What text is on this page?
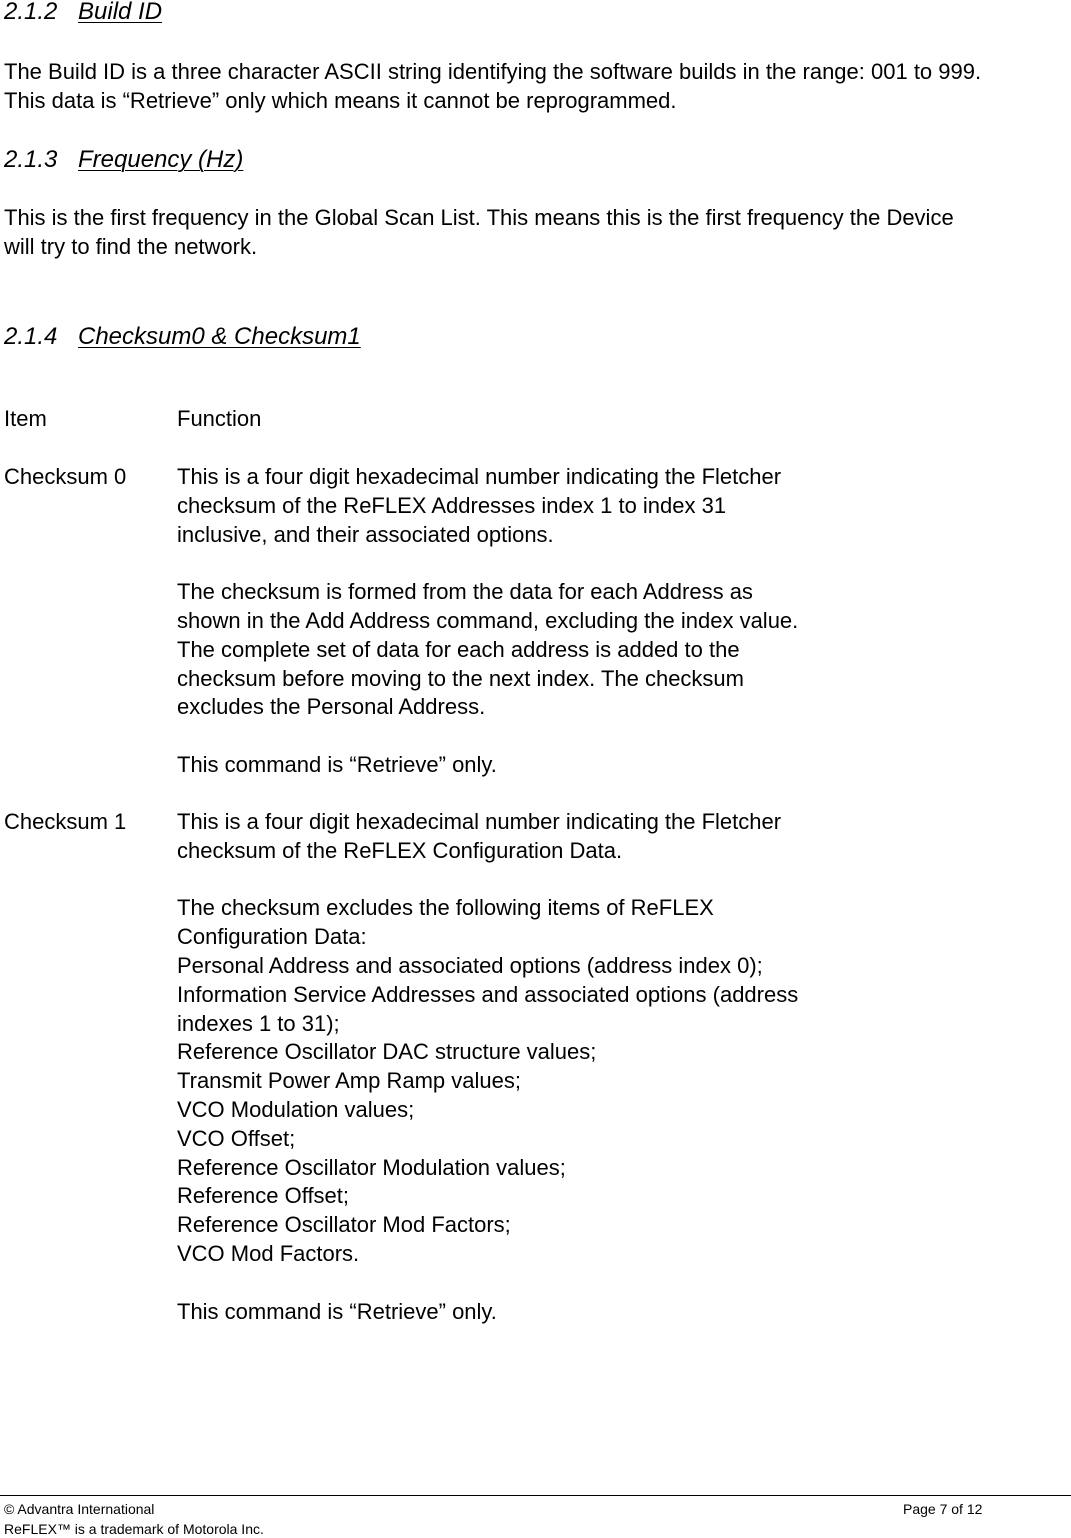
2.1.2 Build ID
The Build ID is a three character ASCII string identifying the software builds in the range: 001 to 999.
This data is “Retrieve” only which means it cannot be reprogrammed.
2.1.3 Frequency (Hz)
This is the first frequency in the Global Scan List. This means this is the first frequency the Device
will try to find the network.
2.1.4 Checksum0 & Checksum1
Item	Function
Checksum 0 This is a four digit hexadecimal number indicating the Fletcher
checksum of the ReFLEX Addresses index 1 to index 31
inclusive, and their associated options.

The checksum is formed from the data for each Address as
shown in the Add Address command, excluding the index value.
The complete set of data for each address is added to the
checksum before moving to the next index. The checksum
excludes the Personal Address.

This command is “Retrieve” only.
Checksum 1 This is a four digit hexadecimal number indicating the Fletcher
checksum of the ReFLEX Configuration Data.

The checksum excludes the following items of ReFLEX
Configuration Data:
Personal Address and associated options (address index 0);
Information Service Addresses and associated options (address
indexes 1 to 31);
Reference Oscillator DAC structure values;
Transmit Power Amp Ramp values;
VCO Modulation values;
VCO Offset;
Reference Oscillator Modulation values;
Reference Offset;
Reference Oscillator Mod Factors;
VCO Mod Factors.

This command is “Retrieve” only.
© Advantra International	Page 7 of 12
ReFLEX™ is a trademark of Motorola Inc.
